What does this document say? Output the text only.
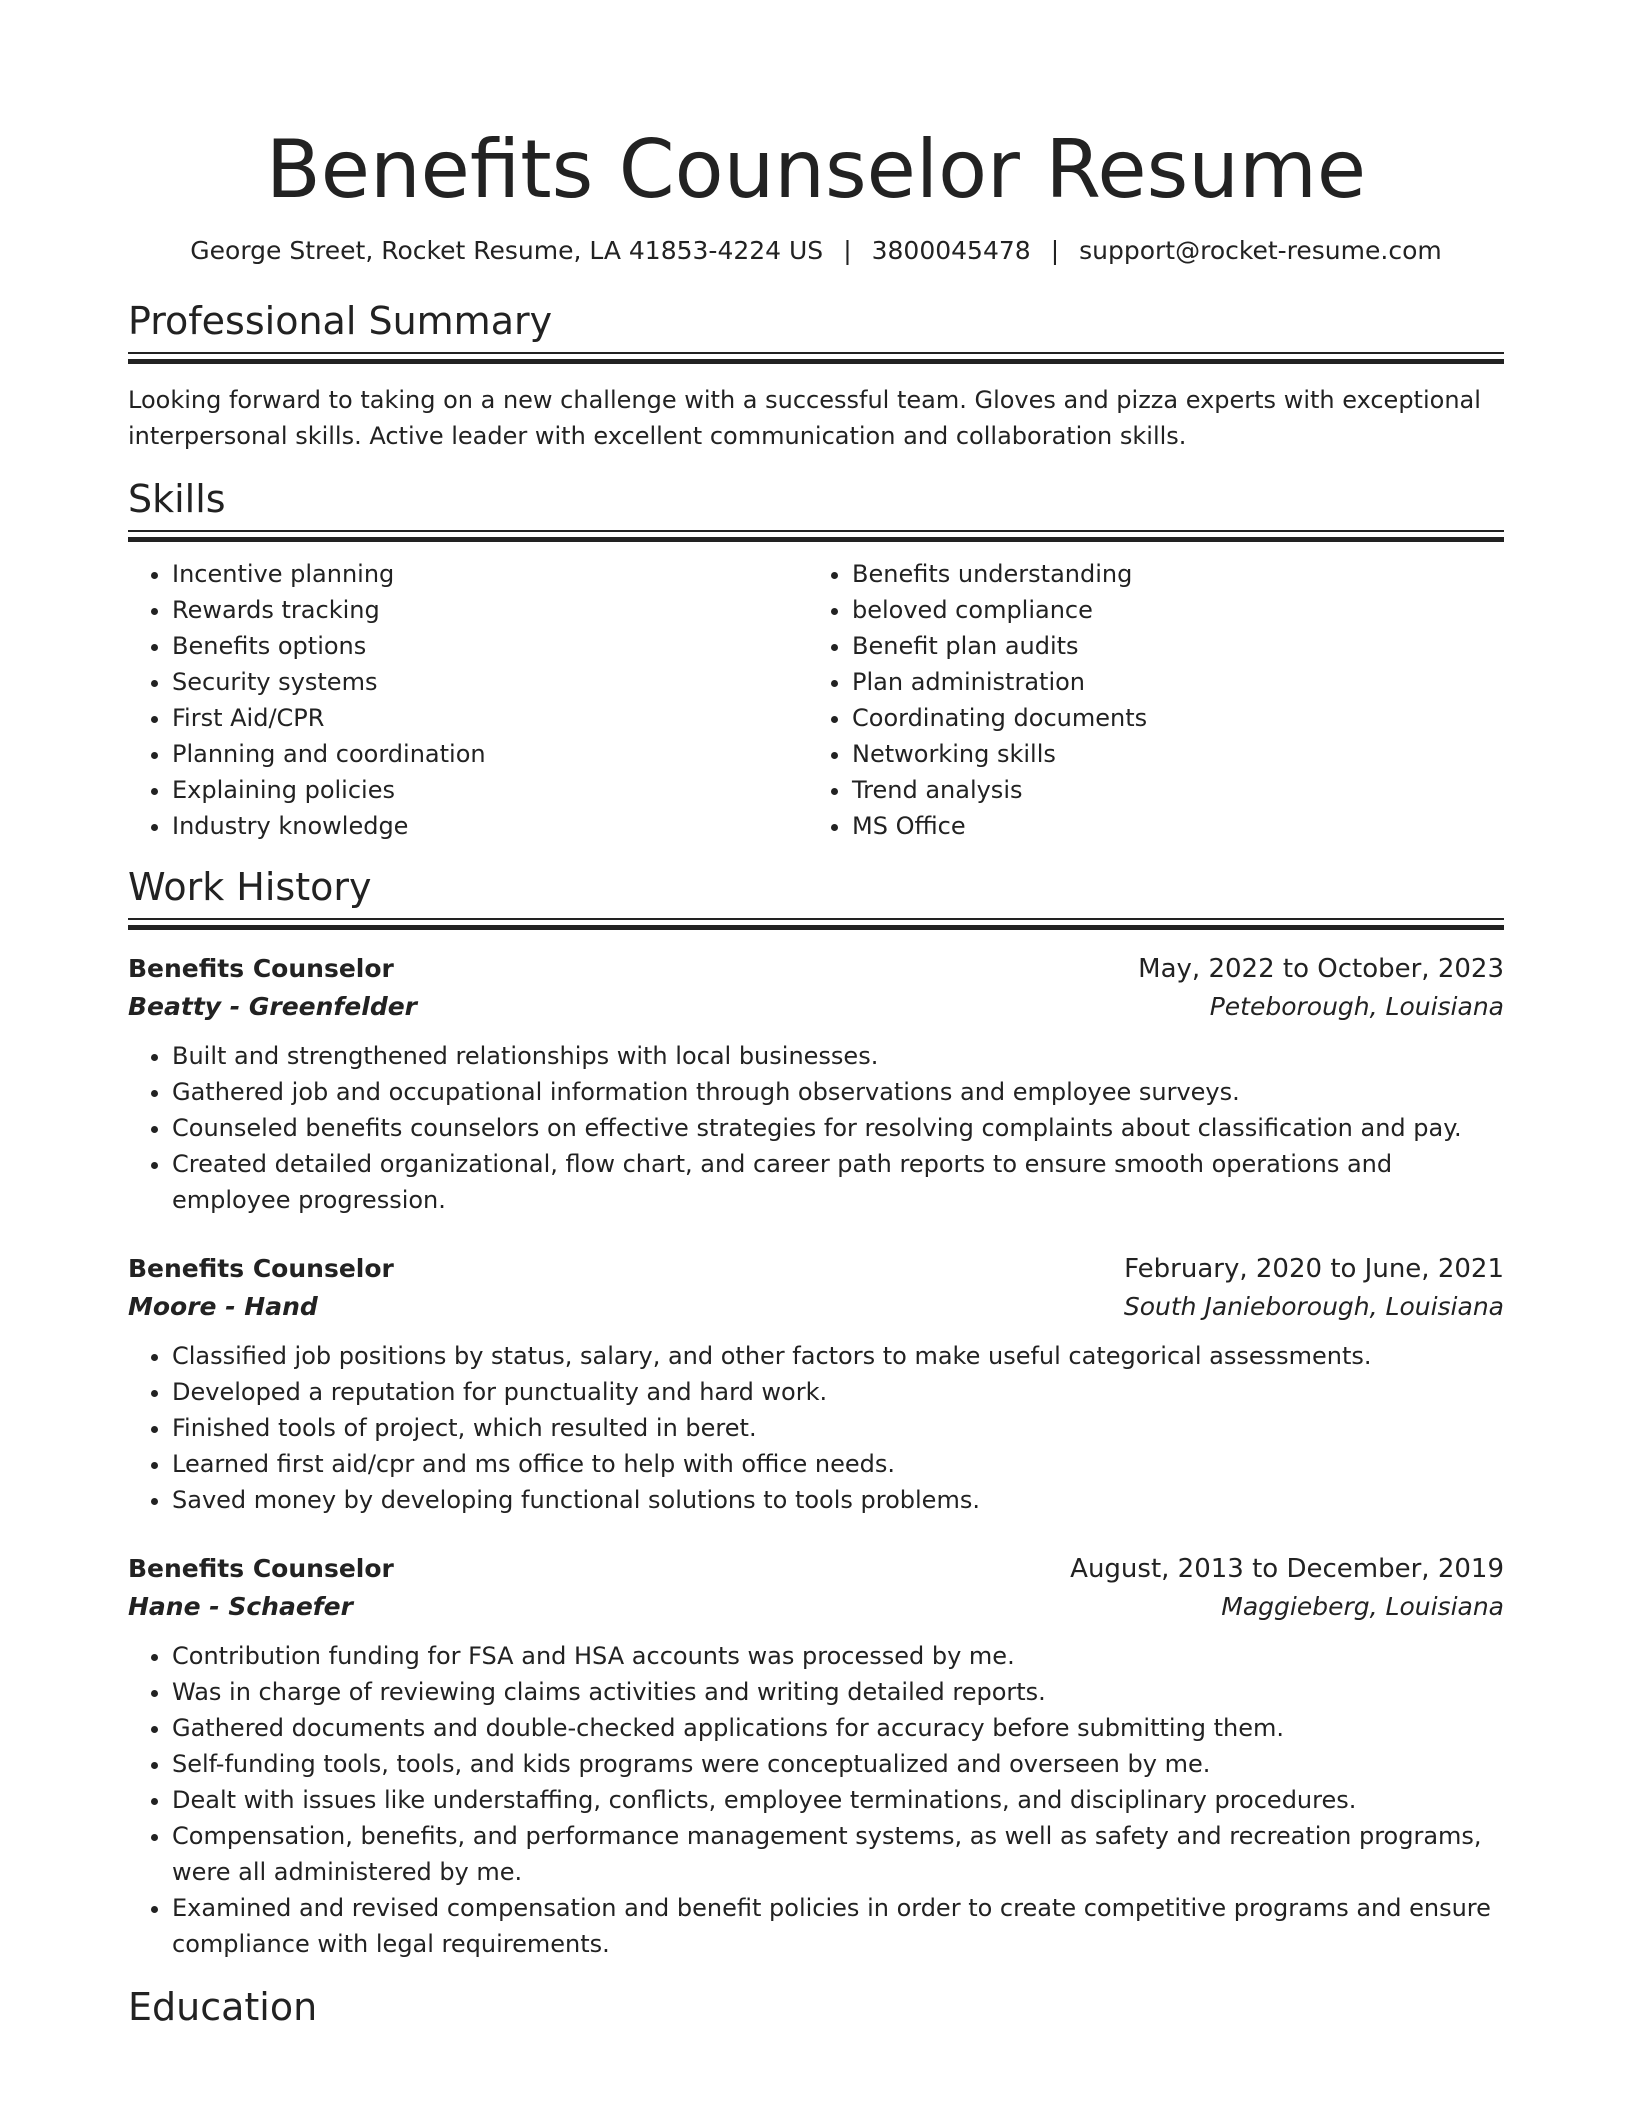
Benefits Counselor Resume
George Street, Rocket Resume, LA 41853-4224 US | 3800045478 | support@rocket-resume.com
Professional Summary

Looking forward to taking on a new challenge with a successful team. Gloves and pizza experts with exceptional interpersonal skills. Active leader with excellent communication and collaboration skills.

Skills
• Incentive planning
• Rewards tracking
• Benefits options
• Security systems
• First Aid/CPR
• Planning and coordination
• Explaining policies
• Industry knowledge
• Benefits understanding
• beloved compliance
• Benefit plan audits
• Plan administration
• Coordinating documents
• Networking skills
• Trend analysis
• MS Office
Work History
Benefits Counselor	May, 2022 to October, 2023
Beatty - Greenfelder	Peteborough, Louisiana
• Built and strengthened relationships with local businesses.
• Gathered job and occupational information through observations and employee surveys.
• Counseled benefits counselors on effective strategies for resolving complaints about classification and pay.
• Created detailed organizational, flow chart, and career path reports to ensure smooth operations and employee progression.
Benefits Counselor	February, 2020 to June, 2021
Moore - Hand	South Janieborough, Louisiana
• Classified job positions by status, salary, and other factors to make useful categorical assessments.
• Developed a reputation for punctuality and hard work.
• Finished tools of project, which resulted in beret.
• Learned first aid/cpr and ms office to help with office needs.
• Saved money by developing functional solutions to tools problems.
Benefits Counselor	August, 2013 to December, 2019
Hane - Schaefer	Maggieberg, Louisiana
• Contribution funding for FSA and HSA accounts was processed by me.
• Was in charge of reviewing claims activities and writing detailed reports.
• Gathered documents and double-checked applications for accuracy before submitting them.
• Self-funding tools, tools, and kids programs were conceptualized and overseen by me.
• Dealt with issues like understaffing, conflicts, employee terminations, and disciplinary procedures.
• Compensation, benefits, and performance management systems, as well as safety and recreation programs, were all administered by me.
• Examined and revised compensation and benefit policies in order to create competitive programs and ensure compliance with legal requirements.
Education
